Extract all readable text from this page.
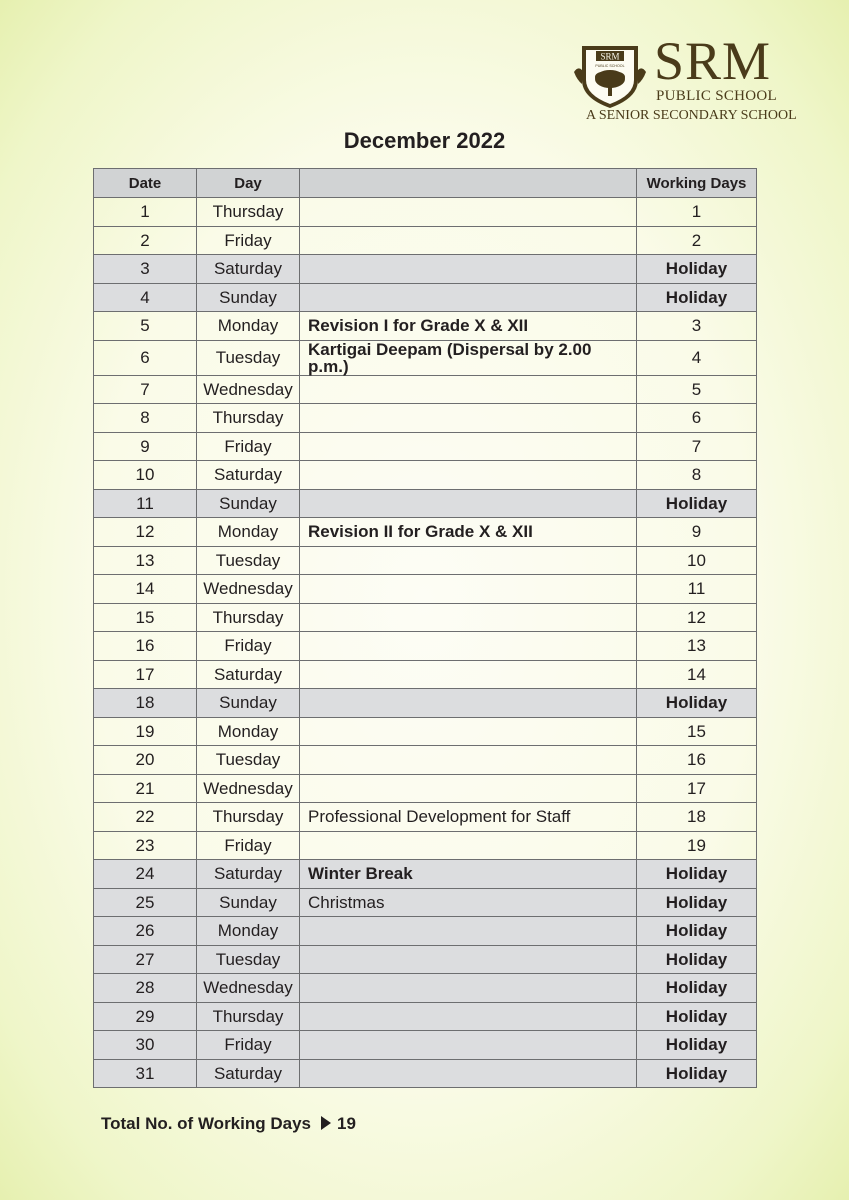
SRM
PUBLIC SCHOOL SRM
PUBLIC SCHOOL
A SENIOR SECONDARY SCHOOL
December 2022
Date	Day		Working Days
1	Thursday		1
2	Friday		2
3	Saturday		Holiday
4	Sunday		Holiday
5	Monday	Revision I for Grade X & XII	3
6	Tuesday	Kartigai Deepam (Dispersal by 2.00 p.m.)	4
7	Wednesday		5
8	Thursday		6
9	Friday		7
10	Saturday		8
11	Sunday		Holiday
12	Monday	Revision II for Grade X & XII	9
13	Tuesday		10
14	Wednesday		11
15	Thursday		12
16	Friday		13
17	Saturday		14
18	Sunday		Holiday
19	Monday		15
20	Tuesday		16
21	Wednesday		17
22	Thursday	Professional Development for Staff	18
23	Friday		19
24	Saturday	Winter Break	Holiday
25	Sunday	Christmas	Holiday
26	Monday		Holiday
27	Tuesday		Holiday
28	Wednesday		Holiday
29	Thursday		Holiday
30	Friday		Holiday
31	Saturday		Holiday
Total No. of Working Days 19
